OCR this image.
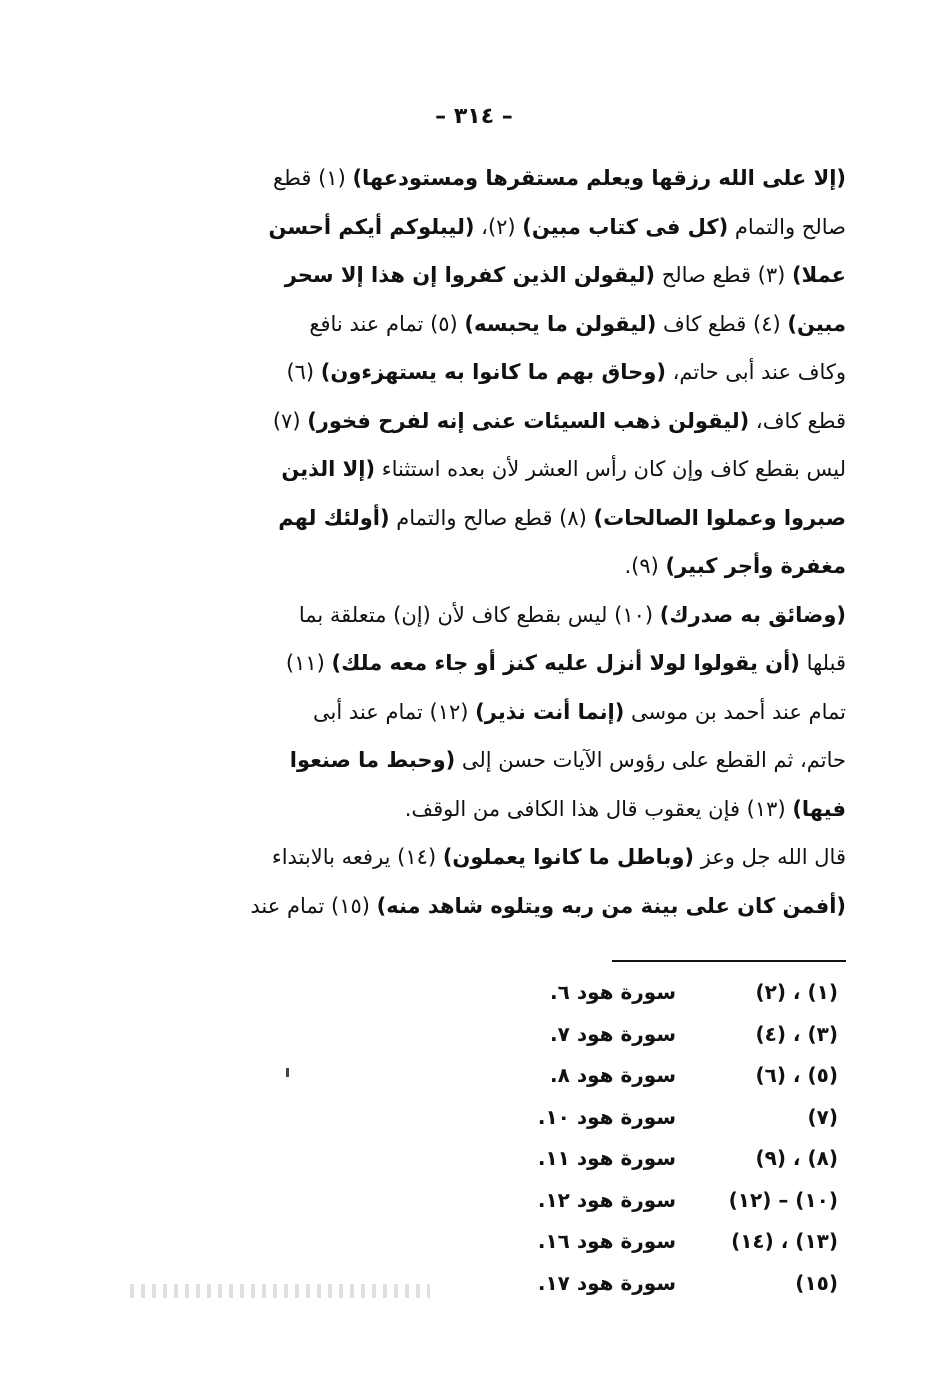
– ٣١٤ –
(إلا على الله رزقها ويعلم مستقرها ومستودعها) (١) قطع
صالح والتمام (كل فى كتاب مبين) (٢)، (ليبلوكم أيكم أحسن
عملا) (٣) قطع صالح (ليقولن الذين كفروا إن هذا إلا سحر
مبين) (٤) قطع كاف (ليقولن ما يحبسه) (٥) تمام عند نافع
وكاف عند أبى حاتم، (وحاق بهم ما كانوا به يستهزءون) (٦)
قطع كاف، (ليقولن ذهب السيئات عنى إنه لفرح فخور) (٧)
ليس بقطع كاف وإن كان رأس العشر لأن بعده استثناء (إلا الذين
صبروا وعملوا الصالحات) (٨) قطع صالح والتمام (أولئك لهم
مغفرة وأجر كبير) (٩).
(وضائق به صدرك) (١٠) ليس بقطع كاف لأن (إن) متعلقة بما
قبلها (أن يقولوا لولا أنزل عليه كنز أو جاء معه ملك) (١١)
تمام عند أحمد بن موسى (إنما أنت نذير) (١٢) تمام عند أبى
حاتم، ثم القطع على رؤوس الآيات حسن إلى (وحبط ما صنعوا
فيها) (١٣) فإن يعقوب قال هذا الكافى من الوقف.
قال الله جل وعز (وباطل ما كانوا يعملون) (١٤) يرفعه بالابتداء
(أفمن كان على بينة من ربه ويتلوه شاهد منه) (١٥) تمام عند
(١) ، (٢)
سورة هود ٦.
(٣) ، (٤)
سورة هود ٧.
(٥) ، (٦)
سورة هود ٨.
(٧)
سورة هود ١٠.
(٨) ، (٩)
سورة هود ١١.
(١٠) – (١٢)
سورة هود ١٢.
(١٣) ، (١٤)
سورة هود ١٦.
(١٥)
سورة هود ١٧.
